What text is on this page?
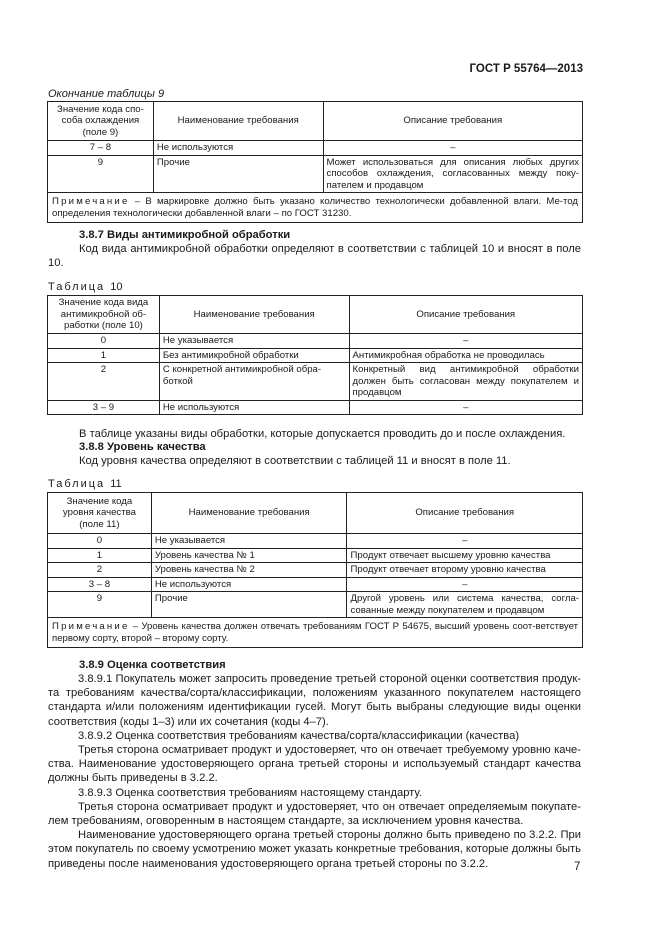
ГОСТ Р 55764—2013
Окончание таблицы 9
Значение кода спо-соба охлаждения (поле 9)	Наименование требования	Описание требования
7 – 8	Не используются	–
9	Прочие	Может использоваться для описания любых других способов охлаждения, согласованных между поку-пателем и продавцом
Примечание – В маркировке должно быть указано количество технологически добавленной влаги. Ме-тод определения технологически добавленной влаги – по ГОСТ 31230.		
3.8.7 Виды антимикробной обработки
Код вида антимикробной обработки определяют в соответствии с таблицей 10 и вносят в поле 10.
Таблица 10
Значение кода вида антимикробной об-работки (поле 10)	Наименование требования	Описание требования
0	Не указывается	–
1	Без антимикробной обработки	Антимикробная обработка не проводилась
2	С конкретной антимикробной обра-боткой	Конкретный вид антимикробной обработки должен быть согласован между покупателем и продавцом
3 – 9	Не используются	–
В таблице указаны виды обработки, которые допускается проводить до и после охлаждения.
3.8.8 Уровень качества
Код уровня качества определяют в соответствии с таблицей 11 и вносят в поле 11.
Таблица 11
Значение кода уровня качества (поле 11)	Наименование требования	Описание требования
0	Не указывается	–
1	Уровень качества № 1	Продукт отвечает высшему уровню качества
2	Уровень качества № 2	Продукт отвечает второму уровню качества
3 – 8	Не используются	–
9	Прочие	Другой уровень или система качества, согла-сованные между покупателем и продавцом
Примечание – Уровень качества должен отвечать требованиям ГОСТ Р 54675, высший уровень соот-ветствует первому сорту, второй – второму сорту.		
3.8.9 Оценка соответствия
3.8.9.1 Покупатель может запросить проведение третьей стороной оценки соответствия продук-та требованиям качества/сорта/классификации, положениям указанного покупателем настоящего стандарта и/или положениям идентификации гусей. Могут быть выбраны следующие виды оценки соответствия (коды 1–3) или их сочетания (коды 4–7).
3.8.9.2 Оценка соответствия требованиям качества/сорта/классификации (качества)
Третья сторона осматривает продукт и удостоверяет, что он отвечает требуемому уровню каче-ства. Наименование удостоверяющего органа третьей стороны и используемый стандарт качества должны быть приведены в 3.2.2.
3.8.9.3 Оценка соответствия требованиям настоящему стандарту.
Третья сторона осматривает продукт и удостоверяет, что он отвечает определяемым покупате-лем требованиям, оговоренным в настоящем стандарте, за исключением уровня качества.
Наименование удостоверяющего органа третьей стороны должно быть приведено по 3.2.2. При этом покупатель по своему усмотрению может указать конкретные требования, которые должны быть приведены после наименования удостоверяющего органа третьей стороны по 3.2.2.	7
